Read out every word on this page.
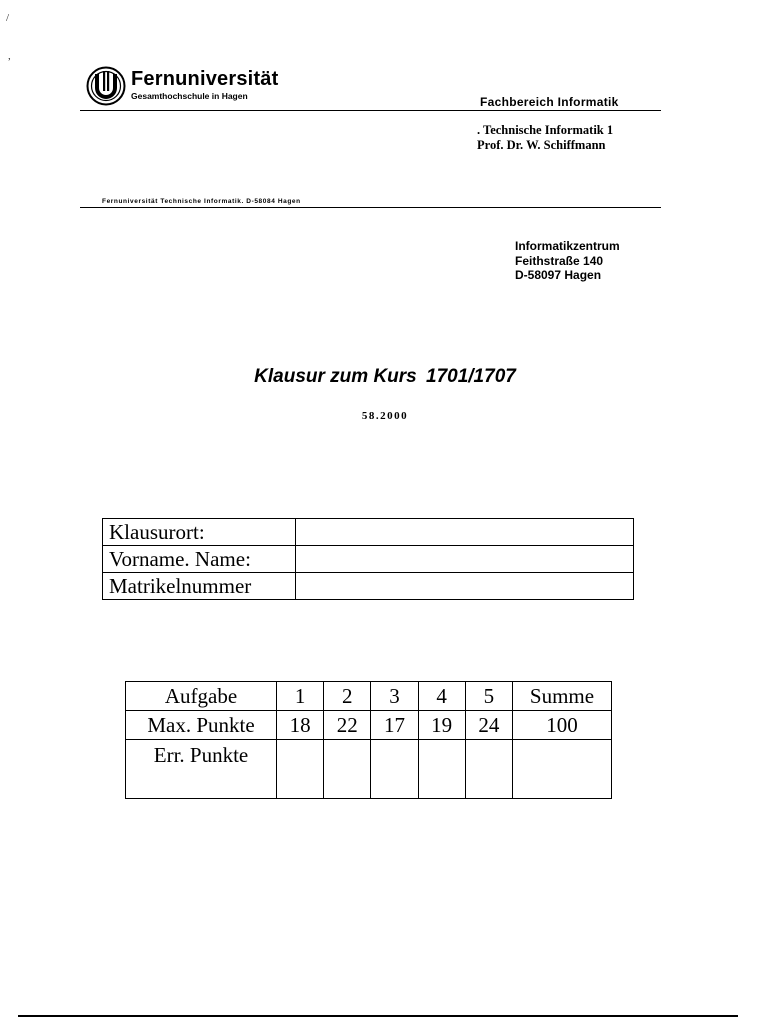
/
,
Fernuniversität
Gesamthochschule in Hagen	Fachbereich Informatik
. Technische Informatik 1
Prof. Dr. W. Schiffmann
Fernuniversität Technische Informatik. D-58084 Hagen
Informatikzentrum
Feithstraße 140
D-58097 Hagen
Klausur zum Kurs 1701/1707
58.2000
Klausurort:	
Vorname. Name:	
Matrikelnummer	
Aufgabe	1	2	3	4	5	Summe
Max. Punkte	18	22	17	19	24	100
Err. Punkte						
